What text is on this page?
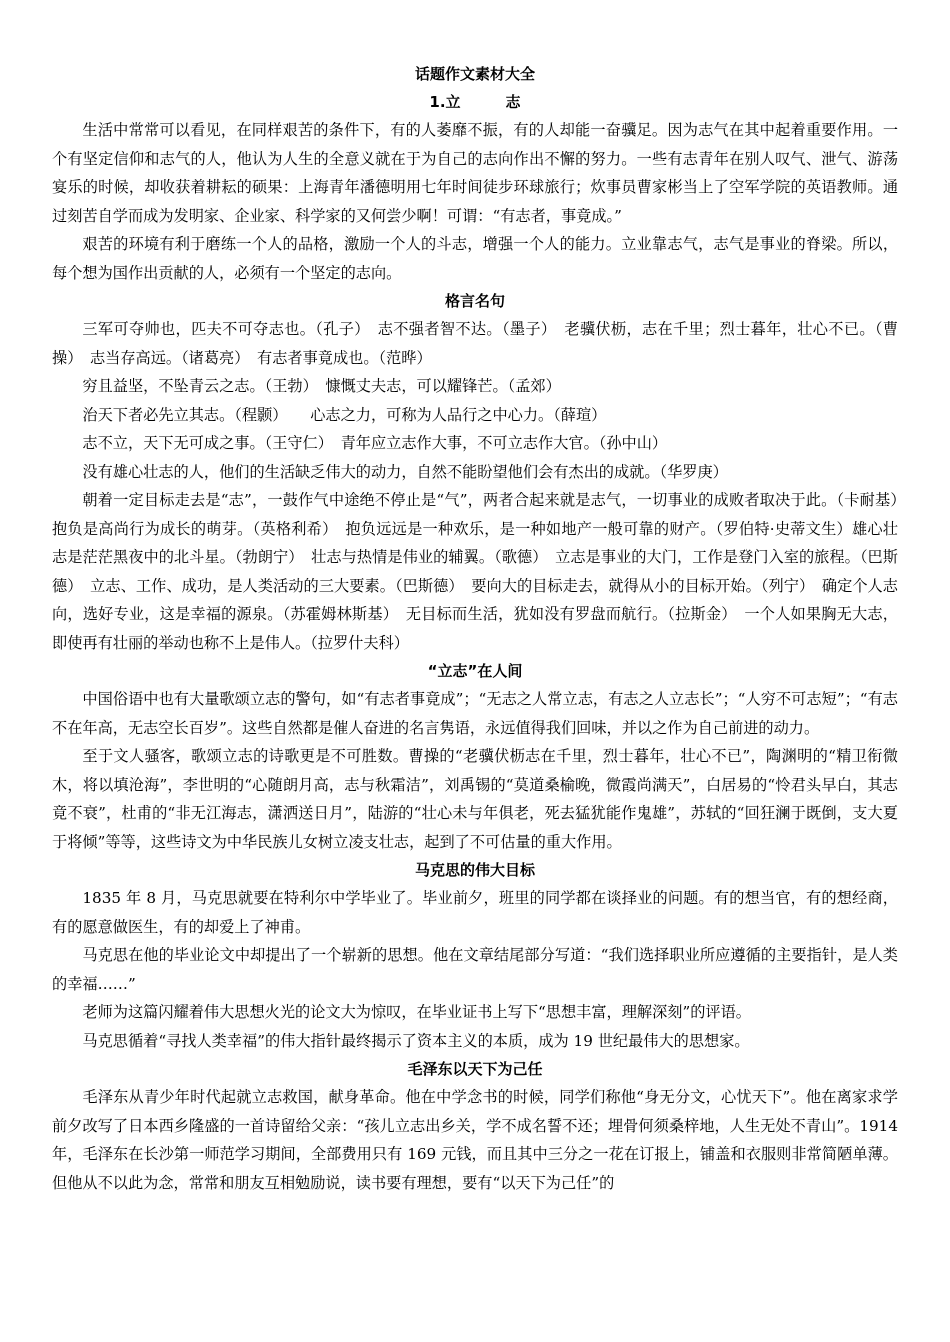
话题作文素材大全
1.立　　　志

生活中常常可以看见，在同样艰苦的条件下，有的人萎靡不振，有的人却能一奋骥足。因为志气在其中起着重要作用。一个有坚定信仰和志气的人，他认为人生的全意义就在于为自己的志向作出不懈的努力。一些有志青年在别人叹气、泄气、游荡宴乐的时候，却收获着耕耘的硕果：上海青年潘德明用七年时间徒步环球旅行；炊事员曹家彬当上了空军学院的英语教师。通过刻苦自学而成为发明家、企业家、科学家的又何尝少啊！可谓：“有志者，事竟成。”

艰苦的环境有利于磨练一个人的品格，激励一个人的斗志，增强一个人的能力。立业靠志气，志气是事业的脊梁。所以，每个想为国作出贡献的人，必须有一个坚定的志向。

格言名句

三军可夺帅也，匹夫不可夺志也。（孔子）　志不强者智不达。（墨子）　老骥伏枥，志在千里；烈士暮年，壮心不已。（曹操）　志当存高远。（诸葛亮）　有志者事竟成也。（范晔）

穷且益坚，不坠青云之志。（王勃）　慷慨丈夫志，可以耀锋芒。（孟郊）

治天下者必先立其志。（程颢）　　心志之力，可称为人品行之中心力。（薛瑄）

志不立，天下无可成之事。（王守仁）　青年应立志作大事，不可立志作大官。（孙中山）

没有雄心壮志的人，他们的生活缺乏伟大的动力，自然不能盼望他们会有杰出的成就。（华罗庚）

朝着一定目标走去是“志”，一鼓作气中途绝不停止是“气”，两者合起来就是志气，一切事业的成败者取决于此。（卡耐基）　抱负是高尚行为成长的萌芽。（英格利希）　抱负远远是一种欢乐，是一种如地产一般可靠的财产。（罗伯特·史蒂文生）雄心壮志是茫茫黑夜中的北斗星。（勃朗宁）　壮志与热情是伟业的辅翼。（歌德）　立志是事业的大门，工作是登门入室的旅程。（巴斯德）　立志、工作、成功，是人类活动的三大要素。（巴斯德）　要向大的目标走去，就得从小的目标开始。（列宁）　确定个人志向，选好专业，这是幸福的源泉。（苏霍姆林斯基）　无目标而生活，犹如没有罗盘而航行。（拉斯金）　一个人如果胸无大志，即使再有壮丽的举动也称不上是伟人。（拉罗什夫科）

“立志”在人间

中国俗语中也有大量歌颂立志的警句，如“有志者事竟成”；“无志之人常立志，有志之人立志长”；“人穷不可志短”；“有志不在年高，无志空长百岁”。这些自然都是催人奋进的名言隽语，永远值得我们回味，并以之作为自己前进的动力。

至于文人骚客，歌颂立志的诗歌更是不可胜数。曹操的“老骥伏枥志在千里，烈士暮年，壮心不已”，陶渊明的“精卫衔微木，将以填沧海”，李世明的“心随朗月高，志与秋霜洁”，刘禹锡的“莫道桑榆晚，微霞尚满天”，白居易的“怜君头早白，其志竟不衰”，杜甫的“非无江海志，潇洒送日月”，陆游的“壮心未与年俱老，死去猛犹能作鬼雄”，苏轼的“回狂澜于既倒，支大夏于将倾”等等，这些诗文为中华民族儿女树立凌支壮志，起到了不可估量的重大作用。

马克思的伟大目标

1835 年 8 月，马克思就要在特利尔中学毕业了。毕业前夕，班里的同学都在谈择业的问题。有的想当官，有的想经商，有的愿意做医生，有的却爱上了神甫。

马克思在他的毕业论文中却提出了一个崭新的思想。他在文章结尾部分写道：“我们选择职业所应遵循的主要指针，是人类的幸福……”

老师为这篇闪耀着伟大思想火光的论文大为惊叹，在毕业证书上写下“思想丰富，理解深刻”的评语。

马克思循着“寻找人类幸福”的伟大指针最终揭示了资本主义的本质，成为 19 世纪最伟大的思想家。

毛泽东以天下为己任

毛泽东从青少年时代起就立志救国，献身革命。他在中学念书的时候，同学们称他“身无分文，心忧天下”。他在离家求学前夕改写了日本西乡隆盛的一首诗留给父亲：“孩儿立志出乡关，学不成名誓不还；埋骨何须桑梓地，人生无处不青山”。1914 年，毛泽东在长沙第一师范学习期间，全部费用只有 169 元钱，而且其中三分之一花在订报上，铺盖和衣服则非常简陋单薄。但他从不以此为念，常常和朋友互相勉励说，读书要有理想，要有“以天下为己任”的
